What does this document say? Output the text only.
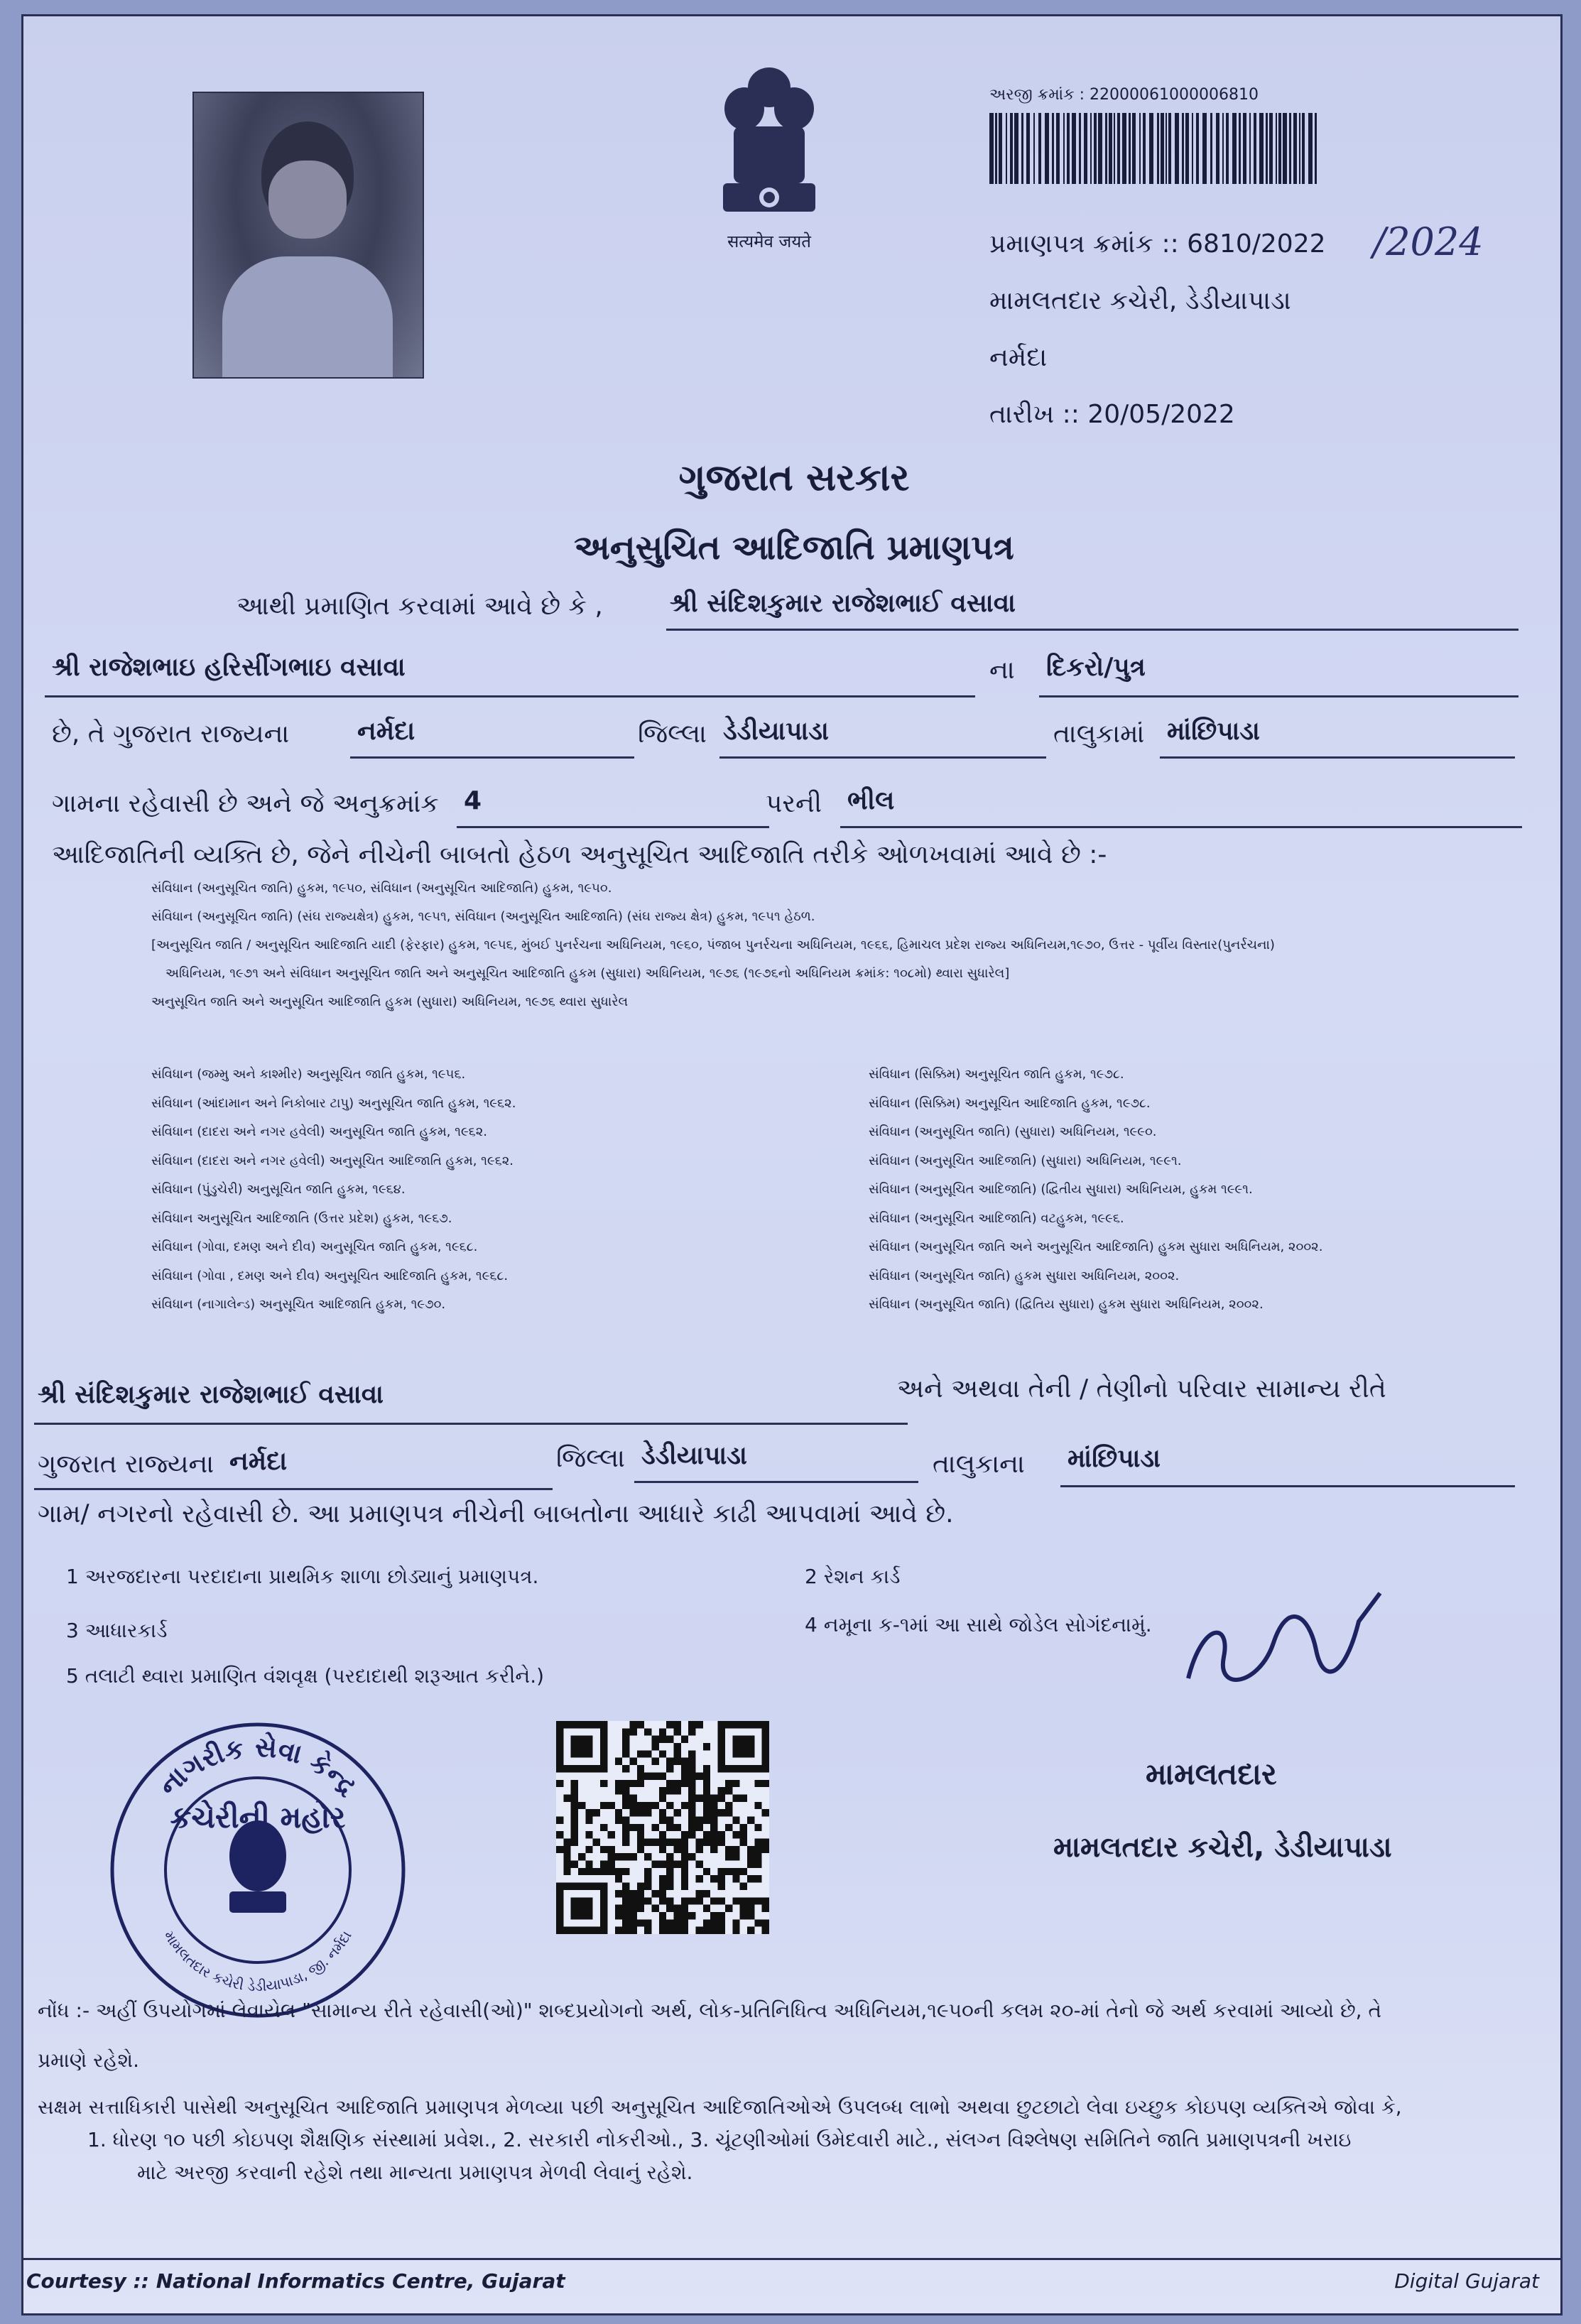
सत्यमेव जयते
અરજી ક્રમાંક : 22000061000006810
પ્રમાણપત્ર ક્રમાંક :: 6810/2022 /2024
મામલતદાર કચેરી, ડેડીયાપાડા
નર્મદા
તારીખ :: 20/05/2022
ગુજરાત સરકાર
અનુસુચિત આદિજાતિ પ્રમાણપત્ર
આથી પ્રમાણિત કરવામાં આવે છે કે ,	શ્રી સંદિશકુમાર રાજેશભાઈ વસાવા
શ્રી રાજેશભાઇ હરિસીંગભાઇ વસાવા	ના દિકરો/પુત્ર
છે, તે ગુજરાત રાજ્યના	નર્મદા	જિલ્લા ડેડીયાપાડા	તાલુકામાં માંછિપાડા
ગામના રહેવાસી છે અને જે અનુક્રમાંક 4	પરની ભીલ
આદિજાતિની વ્યક્તિ છે, જેને નીચેની બાબતો હેઠળ અનુસૂચિત આદિજાતિ તરીકે ઓળખવામાં આવે છે :-
સંવિધાન (અનુસૂચિત જાતિ) હુકમ, ૧૯૫૦, સંવિધાન (અનુસૂચિત આદિજાતિ) હુકમ, ૧૯૫૦.
સંવિધાન (અનુસૂચિત જાતિ) (સંઘ રાજ્યક્ષેત્ર) હુકમ, ૧૯૫૧, સંવિધાન (અનુસૂચિત આદિજાતિ) (સંઘ રાજ્ય ક્ષેત્ર) હુકમ, ૧૯૫૧ હેઠળ.
[અનુસૂચિત જાતિ / અનુસૂચિત આદિજાતિ યાદી (ફેરફાર) હુકમ, ૧૯૫૬, મુંબઈ પુનર્રચના અધિનિયમ, ૧૯૬૦, પંજાબ પુનર્રચના અધિનિયમ, ૧૯૬૬, હિમાચલ પ્રદેશ રાજ્ય અધિનિયમ,૧૯૭૦, ઉત્તર - પૂર્વીય વિસ્તાર(પુનર્રચના)
અધિનિયમ, ૧૯૭૧ અને સંવિધાન અનુસૂચિત જાતિ અને અનુસૂચિત આદિજાતિ હુકમ (સુધારા) અધિનિયમ, ૧૯૭૬ (૧૯૭૬નો અધિનિયમ ક્રમાંક: ૧૦૮મો) થ્વારા સુધારેલ]
અનુસૂચિત જાતિ અને અનુસૂચિત આદિજાતિ હુકમ (સુધારા) અધિનિયમ, ૧૯૭૬ થ્વારા સુધારેલ
સંવિધાન (જમ્મુ અને કાશ્મીર) અનુસૂચિત જાતિ હુકમ, ૧૯૫૬.
સંવિધાન (આંદામાન અને નિકોબાર ટાપુ) અનુસૂચિત જાતિ હુકમ, ૧૯૬૨.
સંવિધાન (દાદરા અને નગર હવેલી) અનુસૂચિત જાતિ હુકમ, ૧૯૬૨.
સંવિધાન (દાદરા અને નગર હવેલી) અનુસૂચિત આદિજાતિ હુકમ, ૧૯૬૨.
સંવિધાન (પુંડુચેરી) અનુસૂચિત જાતિ હુકમ, ૧૯૬૪.
સંવિધાન અનુસૂચિત આદિજાતિ (ઉત્તર પ્રદેશ) હુકમ, ૧૯૬૭.
સંવિધાન (ગોવા, દમણ અને દીવ) અનુસૂચિત જાતિ હુકમ, ૧૯૬૮.
સંવિધાન (ગોવા , દમણ અને દીવ) અનુસૂચિત આદિજાતિ હુકમ, ૧૯૬૮.
સંવિધાન (નાગાલેન્ડ) અનુસૂચિત આદિજાતિ હુકમ, ૧૯૭૦.
સંવિધાન (સિક્કિમ) અનુસૂચિત જાતિ હુકમ, ૧૯૭૮.
સંવિધાન (સિક્કિમ) અનુસૂચિત આદિજાતિ હુકમ, ૧૯૭૮.
સંવિધાન (અનુસૂચિત જાતિ) (સુધારા) અધિનિયમ, ૧૯૯૦.
સંવિધાન (અનુસૂચિત આદિજાતિ) (સુધારા) અધિનિયમ, ૧૯૯૧.
સંવિધાન (અનુસૂચિત આદિજાતિ) (દ્વિતીય સુધારા) અધિનિયમ, હુકમ ૧૯૯૧.
સંવિધાન (અનુસૂચિત આદિજાતિ) વટહુકમ, ૧૯૯૬.
સંવિધાન (અનુસૂચિત જાતિ અને અનુસૂચિત આદિજાતિ) હુકમ સુધારા અધિનિયમ, ૨૦૦૨.
સંવિધાન (અનુસૂચિત જાતિ) હુકમ સુધારા અધિનિયમ, ૨૦૦૨.
સંવિધાન (અનુસૂચિત જાતિ) (દ્વિતિય સુધારા) હુકમ સુધારા અધિનિયમ, ૨૦૦૨.
શ્રી સંદિશકુમાર રાજેશભાઈ વસાવા	અને અથવા તેની / તેણીનો પરિવાર સામાન્ય રીતે
ગુજરાત રાજ્યના નર્મદા	જિલ્લા ડેડીયાપાડા	તાલુકાના માંછિપાડા
ગામ/ નગરનો રહેવાસી છે. આ પ્રમાણપત્ર નીચેની બાબતોના આધારે કાઢી આપવામાં આવે છે.
1 અરજદારના પરદાદાના પ્રાથમિક શાળા છોડ્યાનું પ્રમાણપત્ર.	2 રેશન કાર્ડ
3 આધારકાર્ડ	4 નમૂના ક-૧માં આ સાથે જોડેલ સોગંદનામું.
5 તલાટી થ્વારા પ્રમાણિત વંશવૃક્ષ (પરદાદાથી શરૂઆત કરીને.)
મામલતદાર
મામલતદાર કચેરી, ડેડીયાપાડા
નાગરીક સેવા કેન્દ્ર
મામલતદાર કચેરી ડેડીયાપાડા, જી. નર્મદા
કચેરીની મહોર
નોંધ :- અહીં ઉપયોગમાં લેવાયેલ "સામાન્ય રીતે રહેવાસી(ઓ)" શબ્દપ્રયોગનો અર્થ, લોક-પ્રતિનિધિત્વ અધિનિયમ,૧૯૫૦ની કલમ ૨૦-માં તેનો જે અર્થ કરવામાં આવ્યો છે, તે
પ્રમાણે રહેશે.
સક્ષમ સત્તાધિકારી પાસેથી અનુસૂચિત આદિજાતિ પ્રમાણપત્ર મેળવ્યા પછી અનુસૂચિત આદિજાતિઓએ ઉપલબ્ધ લાભો અથવા છુટછાટો લેવા ઇચ્છુક કોઇપણ વ્યક્તિએ જોવા કે,
1. ધોરણ ૧૦ પછી કોઇપણ શૈક્ષણિક સંસ્થામાં પ્રવેશ., 2. સરકારી નોકરીઓ., 3. ચૂંટણીઓમાં ઉમેદવારી માટે., સંલગ્ન વિશ્લેષણ સમિતિને જાતિ પ્રમાણપત્રની ખરાઇ
માટે અરજી કરવાની રહેશે તથા માન્યતા પ્રમાણપત્ર મેળવી લેવાનું રહેશે.
Courtesy :: National Informatics Centre, Gujarat	Digital Gujarat
